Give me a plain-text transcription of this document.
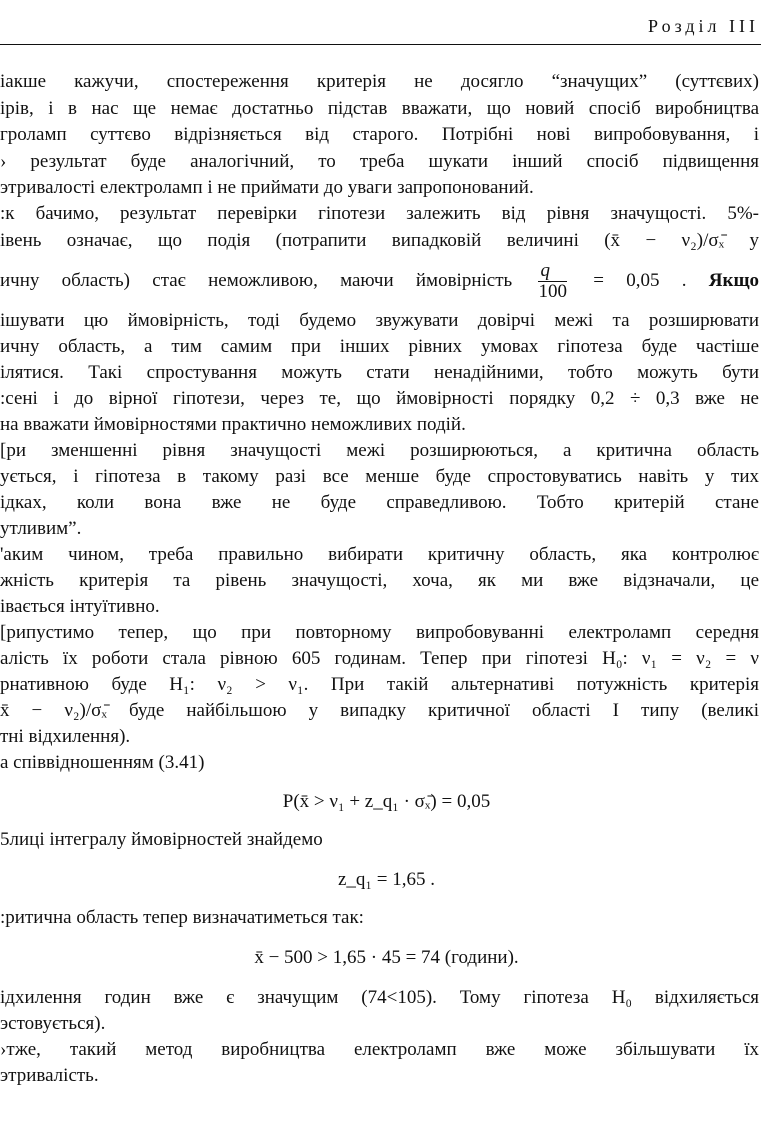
Розділ ІІІ
іакше кажучи, спостереження критерія не досягло “значущих” (суттєвих)
ірів, і в нас ще немає достатньо підстав вважати, що новий спосіб виробництва
гроламп суттєво відрізняється від старого. Потрібні нові випробовування, і
› результат буде аналогічний, то треба шукати інший спосіб підвищення
этривалості електроламп і не приймати до уваги запропонований.
:к бачимо, результат перевірки гіпотези залежить від рівня значущості. 5%-
івень означає, що подія (потрапити випадковій величині (x̄ − ν₂)/σₓ̄ у
ичну область) стає неможливою, маючи ймовірність $\frac{q}{100} = 0,05$ . Якщо
ішувати цю ймовірність, тоді будемо звужувати довірчі межі та розширювати
ичну область, а тим самим при інших рівних умовах гіпотеза буде частіше
ілятися. Такі спростування можуть стати ненадійними, тобто можуть бути
:сені і до вірної гіпотези, через те, що ймовірності порядку 0,2 ÷ 0,3 вже не
на вважати ймовірностями практично неможливих подій.
[ри зменшенні рівня значущості межі розширюються, а критична область
ується, і гіпотеза в такому разі все менше буде спростовуватись навіть у тих
ідках, коли вона вже не буде справедливою. Тобто критерій стане
утливим”.
'аким чином, треба правильно вибирати критичну область, яка контролює
жність критерія та рівень значущості, хоча, як ми вже відзначали, це
івається інтуїтивно.
[рипустимо тепер, що при повторному випробовуванні електроламп середня
алість їх роботи стала рівною 605 годинам. Тепер при гіпотезі H₀: ν₁ = ν₂ = ν
рнативною буде H₁: ν₂ > ν₁. При такій альтернативі потужність критерія
x̄ − ν₂)/σₓ̄ буде найбільшою у випадку критичної області I типу (великі
тні відхилення).
а співвідношенням (3.41)
P(x̄ > ν₁ + z_q₁ · σₓ̄) = 0,05
5лиці інтегралу ймовірностей знайдемо
z_q₁ = 1,65 .
:ритична область тепер визначатиметься так:
x̄ − 500 > 1,65 · 45 = 74 (години).
ідхилення годин вже є значущим (74<105). Тому гіпотеза H₀ відхиляється
эстовується).
›тже, такий метод виробництва електроламп вже може збільшувати їх
этривалість.
